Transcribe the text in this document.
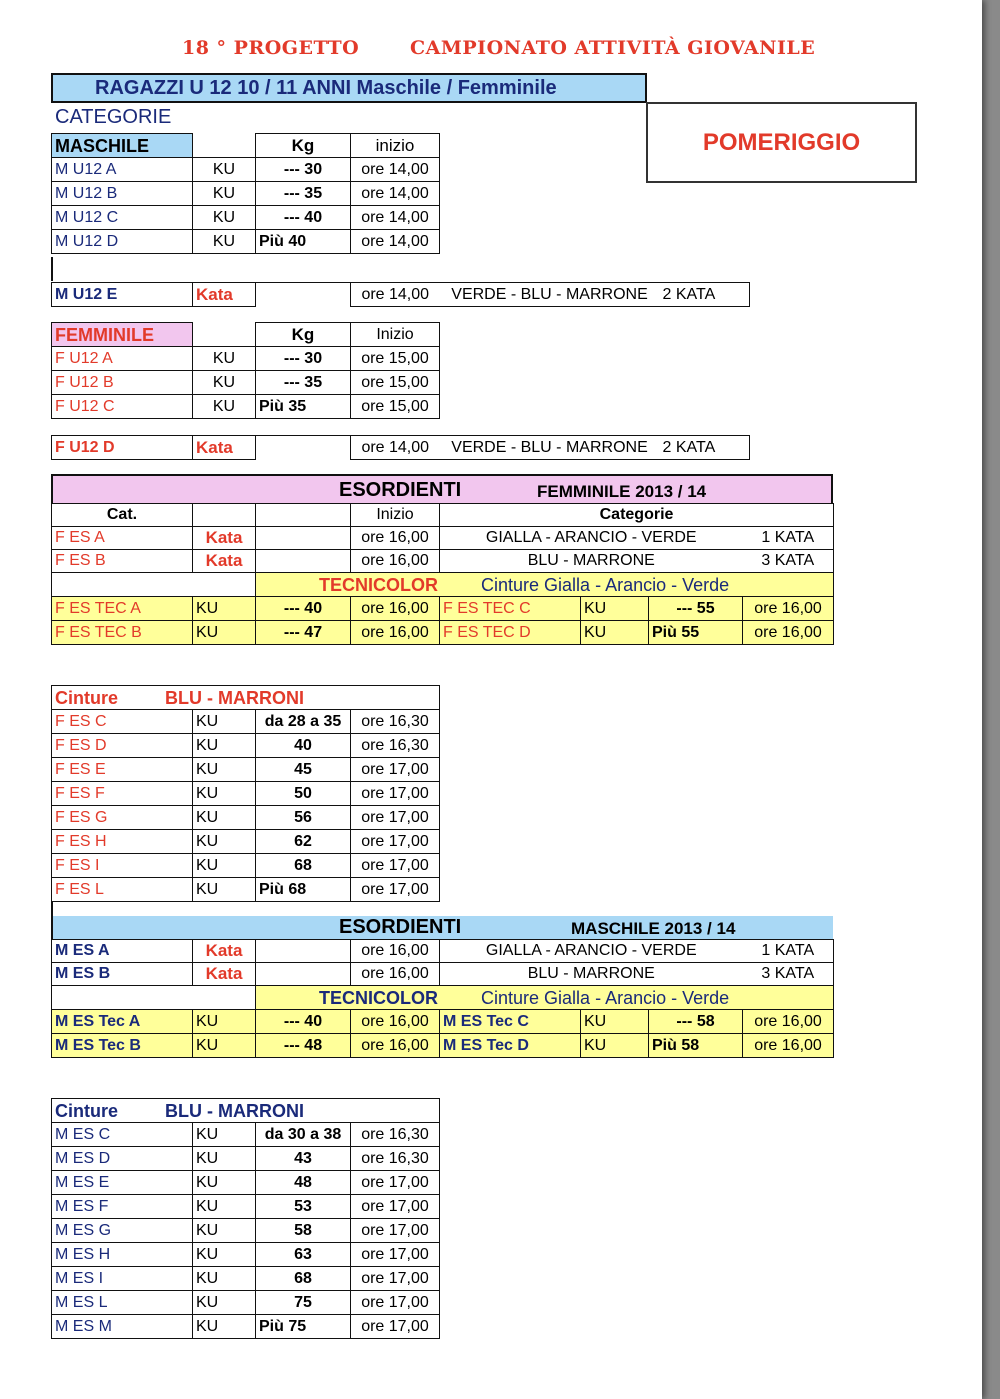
18 ° PROGETTO	CAMPIONATO ATTIVITÀ GIOVANILE
RAGAZZI U 12 10 / 11 ANNI Maschile / Femminile
CATEGORIE
POMERIGGIO
MASCHILE		Kg	inizio
M U12 A	KU	--- 30	ore 14,00
M U12 B	KU	--- 35	ore 14,00
M U12 C	KU	--- 40	ore 14,00
M U12 D	KU	Più 40	ore 14,00
M U12 E	Kata		ore 14,00	VERDE - BLU - MARRONE	2 KATA
FEMMINILE		Kg	Inizio
F U12 A	KU	--- 30	ore 15,00
F U12 B	KU	--- 35	ore 15,00
F U12 C	KU	Più 35	ore 15,00
F U12 D	Kata		ore 14,00	VERDE - BLU - MARRONE	2 KATA
ESORDIENTI	FEMMINILE 2013 / 14
Cat.			Inizio	Categorie			
F ES A	Kata		ore 16,00	GIALLA - ARANCIO - VERDE			1 KATA
F ES B	Kata		ore 16,00	BLU - MARRONE			3 KATA
		TECNICOLOR Cinture Gialla - Arancio - Verde					
F ES TEC A	KU	--- 40	ore 16,00	F ES TEC C	KU	--- 55	ore 16,00
F ES TEC B	KU	--- 47	ore 16,00	F ES TEC D	KU	Più 55	ore 16,00
Cinture BLU - MARRONI			
F ES C	KU	da 28 a 35	ore 16,30
F ES D	KU	40	ore 16,30
F ES E	KU	45	ore 17,00
F ES F	KU	50	ore 17,00
F ES G	KU	56	ore 17,00
F ES H	KU	62	ore 17,00
F ES I	KU	68	ore 17,00
F ES L	KU	Più 68	ore 17,00
ESORDIENTI	MASCHILE 2013 / 14
M ES A	Kata		ore 16,00	GIALLA - ARANCIO - VERDE			1 KATA
M ES B	Kata		ore 16,00	BLU - MARRONE			3 KATA
		TECNICOLOR Cinture Gialla - Arancio - Verde					
M ES Tec A	KU	--- 40	ore 16,00	M ES Tec C	KU	--- 58	ore 16,00
M ES Tec B	KU	--- 48	ore 16,00	M ES Tec D	KU	Più 58	ore 16,00
Cinture BLU - MARRONI			
M ES C	KU	da 30 a 38	ore 16,30
M ES D	KU	43	ore 16,30
M ES E	KU	48	ore 17,00
M ES F	KU	53	ore 17,00
M ES G	KU	58	ore 17,00
M ES H	KU	63	ore 17,00
M ES I	KU	68	ore 17,00
M ES L	KU	75	ore 17,00
M ES M	KU	Più 75	ore 17,00
